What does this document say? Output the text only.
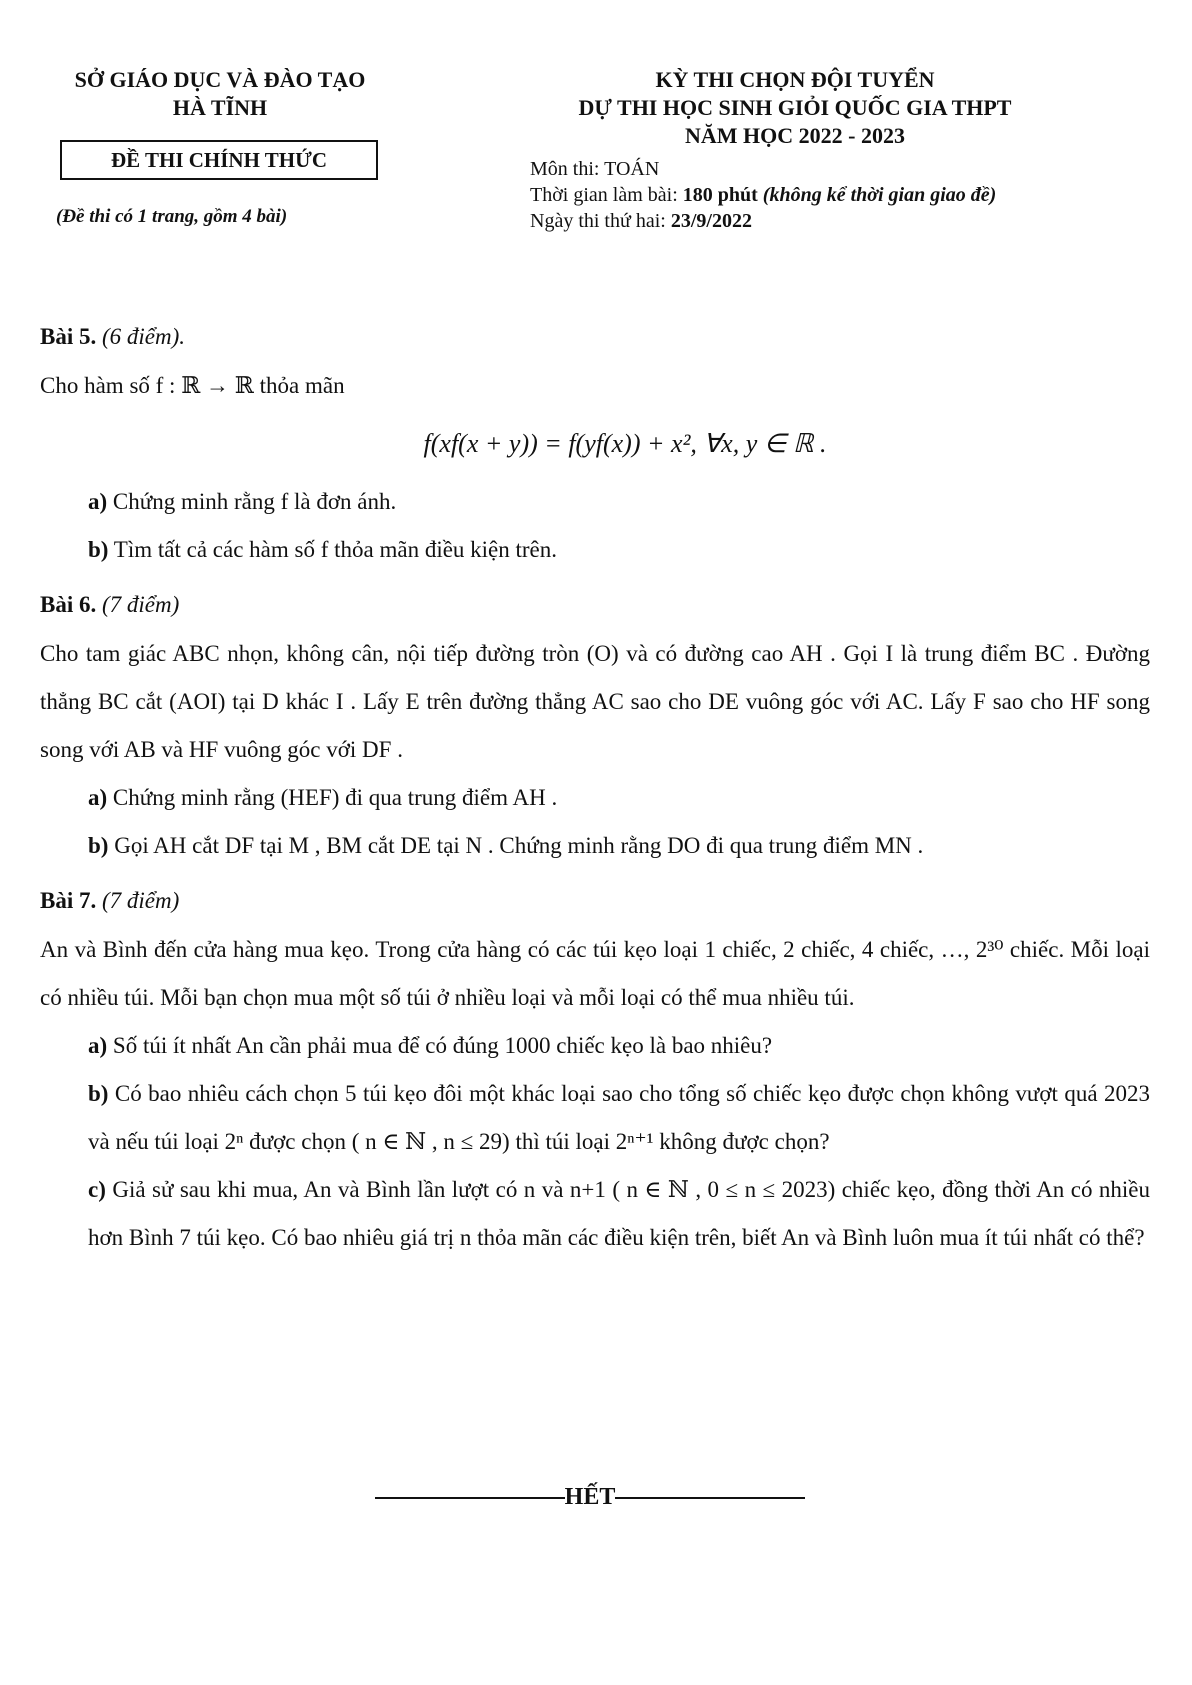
SỞ GIÁO DỤC VÀ ĐÀO TẠO
HÀ TĨNH
ĐỀ THI CHÍNH THỨC
(Đề thi có 1 trang, gồm 4 bài)
KỲ THI CHỌN ĐỘI TUYỂN
DỰ THI HỌC SINH GIỎI QUỐC GIA THPT
NĂM HỌC 2022 - 2023
Môn thi: TOÁN
Thời gian làm bài: 180 phút (không kể thời gian giao đề)
Ngày thi thứ hai: 23/9/2022
Bài 5. (6 điểm).
Cho hàm số f : ℝ → ℝ thỏa mãn
f(xf(x + y)) = f(yf(x)) + x², ∀x, y ∈ ℝ .
a) Chứng minh rằng f là đơn ánh.
b) Tìm tất cả các hàm số f thỏa mãn điều kiện trên.
Bài 6. (7 điểm)
Cho tam giác ABC nhọn, không cân, nội tiếp đường tròn (O) và có đường cao AH . Gọi I là trung điểm BC . Đường thẳng BC cắt (AOI) tại D khác I . Lấy E trên đường thẳng AC sao cho DE vuông góc với AC. Lấy F sao cho HF song song với AB và HF vuông góc với DF .
a) Chứng minh rằng (HEF) đi qua trung điểm AH .
b) Gọi AH cắt DF tại M , BM cắt DE tại N . Chứng minh rằng DO đi qua trung điểm MN .
Bài 7. (7 điểm)
An và Bình đến cửa hàng mua kẹo. Trong cửa hàng có các túi kẹo loại 1 chiếc, 2 chiếc, 4 chiếc, …, 2³⁰ chiếc. Mỗi loại có nhiều túi. Mỗi bạn chọn mua một số túi ở nhiều loại và mỗi loại có thể mua nhiều túi.
a) Số túi ít nhất An cần phải mua để có đúng 1000 chiếc kẹo là bao nhiêu?
b) Có bao nhiêu cách chọn 5 túi kẹo đôi một khác loại sao cho tổng số chiếc kẹo được chọn không vượt quá 2023 và nếu túi loại 2ⁿ được chọn ( n ∈ ℕ , n ≤ 29) thì túi loại 2ⁿ⁺¹ không được chọn?
c) Giả sử sau khi mua, An và Bình lần lượt có n và n+1 ( n ∈ ℕ , 0 ≤ n ≤ 2023) chiếc kẹo, đồng thời An có nhiều hơn Bình 7 túi kẹo. Có bao nhiêu giá trị n thỏa mãn các điều kiện trên, biết An và Bình luôn mua ít túi nhất có thể?
HẾT
